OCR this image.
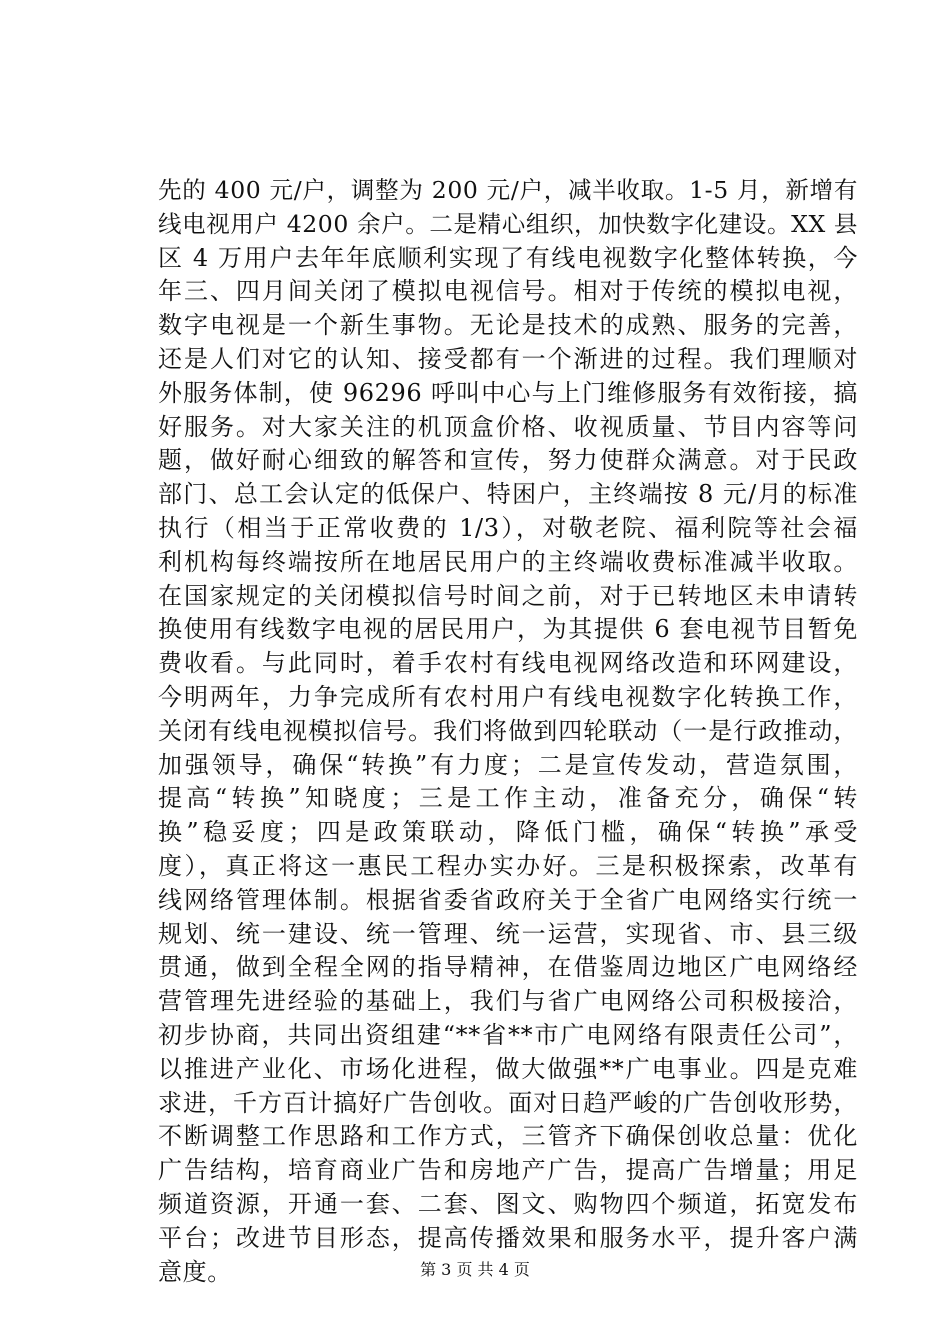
先的 400 元/户，调整为 200 元/户，减半收取。1-5 月，新增有
线电视用户 4200 余户。二是精心组织，加快数字化建设。XX 县
区 4 万用户去年年底顺利实现了有线电视数字化整体转换，今
年三、四月间关闭了模拟电视信号。相对于传统的模拟电视，
数字电视是一个新生事物。无论是技术的成熟、服务的完善，
还是人们对它的认知、接受都有一个渐进的过程。我们理顺对
外服务体制，使 96296 呼叫中心与上门维修服务有效衔接，搞
好服务。对大家关注的机顶盒价格、收视质量、节目内容等问
题，做好耐心细致的解答和宣传，努力使群众满意。对于民政
部门、总工会认定的低保户、特困户，主终端按 8 元/月的标准
执行（相当于正常收费的 1/3），对敬老院、福利院等社会福
利机构每终端按所在地居民用户的主终端收费标准减半收取。
在国家规定的关闭模拟信号时间之前，对于已转地区未申请转
换使用有线数字电视的居民用户，为其提供 6 套电视节目暂免
费收看。与此同时，着手农村有线电视网络改造和环网建设，
今明两年，力争完成所有农村用户有线电视数字化转换工作，
关闭有线电视模拟信号。我们将做到四轮联动（一是行政推动，
加强领导，确保“转换”有力度；二是宣传发动，营造氛围，
提高“转换”知晓度；三是工作主动，准备充分，确保“转
换”稳妥度；四是政策联动，降低门槛，确保“转换”承受
度），真正将这一惠民工程办实办好。三是积极探索，改革有
线网络管理体制。根据省委省政府关于全省广电网络实行统一
规划、统一建设、统一管理、统一运营，实现省、市、县三级
贯通，做到全程全网的指导精神，在借鉴周边地区广电网络经
营管理先进经验的基础上，我们与省广电网络公司积极接洽，
初步协商，共同出资组建“**省**市广电网络有限责任公司”，
以推进产业化、市场化进程，做大做强**广电事业。四是克难
求进，千方百计搞好广告创收。面对日趋严峻的广告创收形势，
不断调整工作思路和工作方式，三管齐下确保创收总量：优化
广告结构，培育商业广告和房地产广告，提高广告增量；用足
频道资源，开通一套、二套、图文、购物四个频道，拓宽发布
平台；改进节目形态，提高传播效果和服务水平，提升客户满
意度。	第 3 页 共 4 页
